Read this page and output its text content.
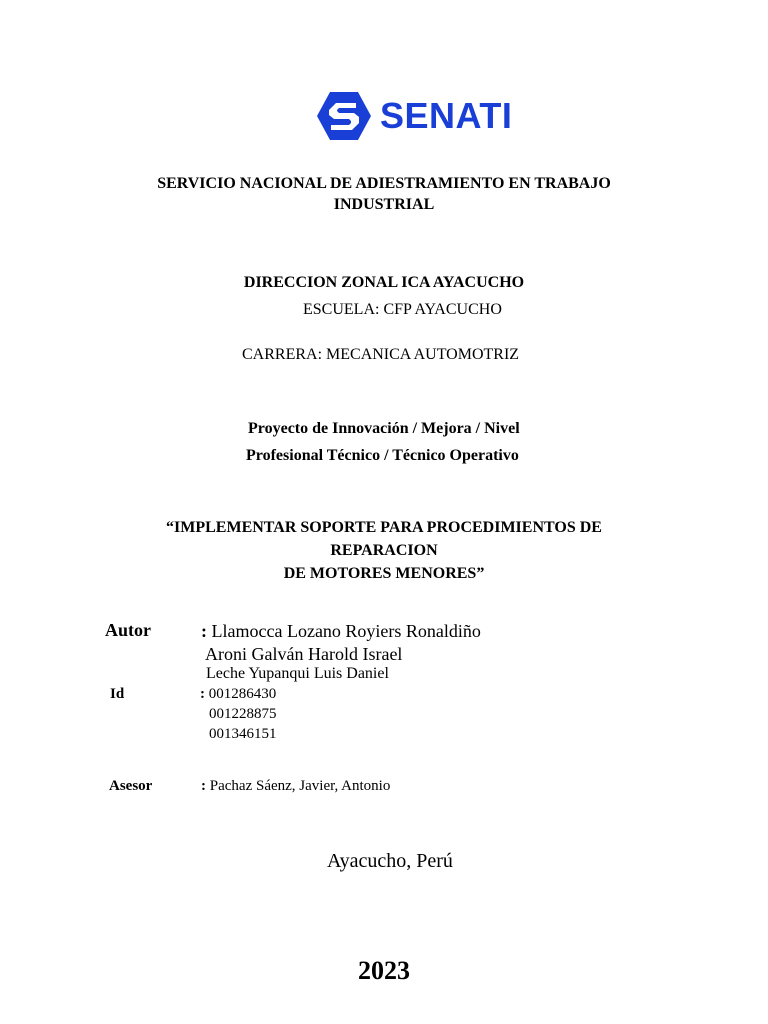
SENATI
SERVICIO NACIONAL DE ADIESTRAMIENTO EN TRABAJO
INDUSTRIAL
DIRECCION ZONAL ICA AYACUCHO
ESCUELA: CFP AYACUCHO
CARRERA: MECANICA AUTOMOTRIZ
Proyecto de Innovación / Mejora / Nivel
Profesional Técnico / Técnico Operativo
“IMPLEMENTAR SOPORTE PARA PROCEDIMIENTOS DE
REPARACION
DE MOTORES MENORES”
Autor	: Llamocca Lozano Royiers Ronaldiño
Aroni Galván Harold Israel
Leche Yupanqui Luis Daniel
Id	: 001286430
001228875
001346151
Asesor	: Pachaz Sáenz, Javier, Antonio
Ayacucho, Perú
2023
